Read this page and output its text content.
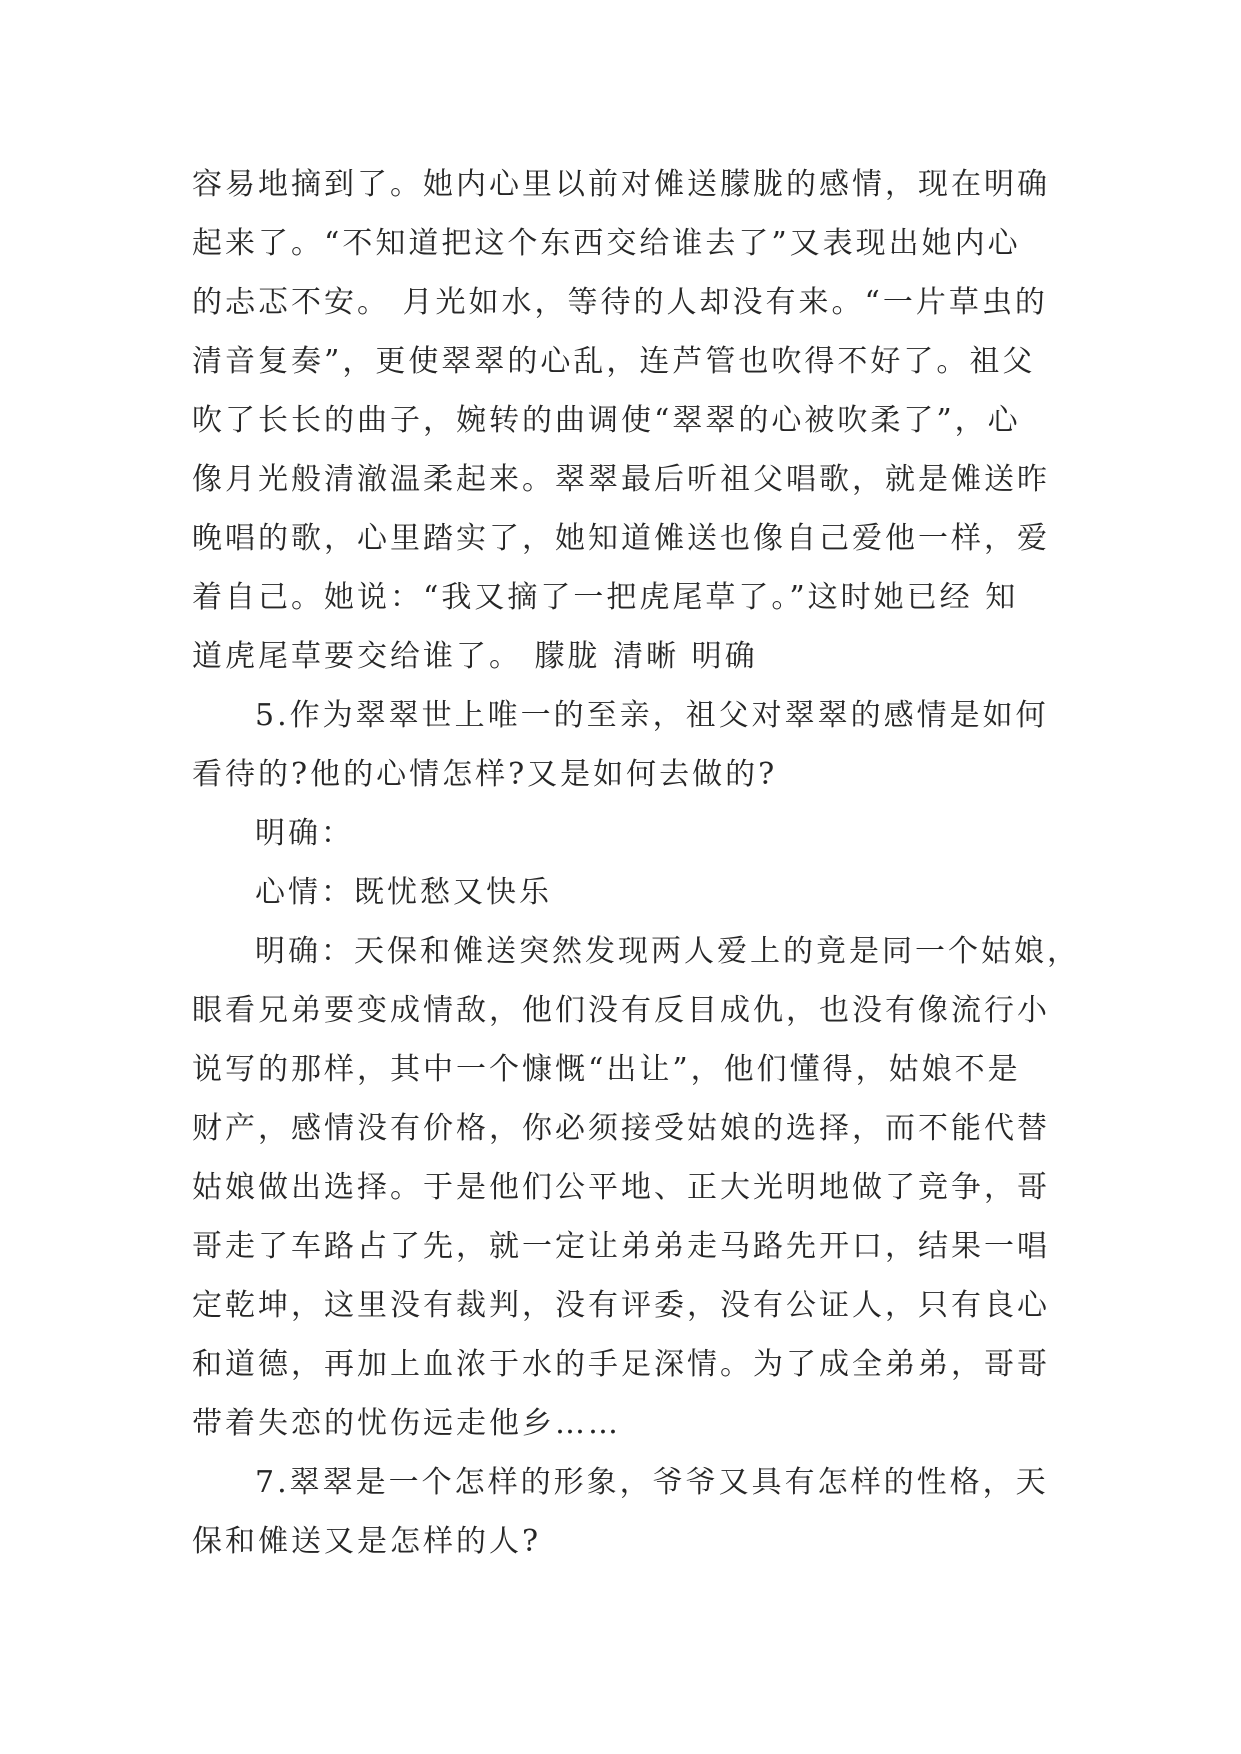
容易地摘到了。她内心里以前对傩送朦胧的感情，现在明确
起来了。“不知道把这个东西交给谁去了”又表现出她内心
的忐忑不安。 月光如水，等待的人却没有来。“一片草虫的
清音复奏”，更使翠翠的心乱，连芦管也吹得不好了。祖父
吹了长长的曲子，婉转的曲调使“翠翠的心被吹柔了”，心
像月光般清澈温柔起来。翠翠最后听祖父唱歌，就是傩送昨
晚唱的歌，心里踏实了，她知道傩送也像自己爱他一样，爱
着自己。她说：“我又摘了一把虎尾草了。”这时她已经 知
道虎尾草要交给谁了。 朦胧 清晰 明确
5.作为翠翠世上唯一的至亲，祖父对翠翠的感情是如何
看待的?他的心情怎样?又是如何去做的?
明确：
心情：既忧愁又快乐
明确：天保和傩送突然发现两人爱上的竟是同一个姑娘，
眼看兄弟要变成情敌，他们没有反目成仇，也没有像流行小
说写的那样，其中一个慷慨“出让”，他们懂得，姑娘不是
财产，感情没有价格，你必须接受姑娘的选择，而不能代替
姑娘做出选择。于是他们公平地、正大光明地做了竞争，哥
哥走了车路占了先，就一定让弟弟走马路先开口，结果一唱
定乾坤，这里没有裁判，没有评委，没有公证人，只有良心
和道德，再加上血浓于水的手足深情。为了成全弟弟，哥哥
带着失恋的忧伤远走他乡……
7.翠翠是一个怎样的形象，爷爷又具有怎样的性格，天
保和傩送又是怎样的人?
